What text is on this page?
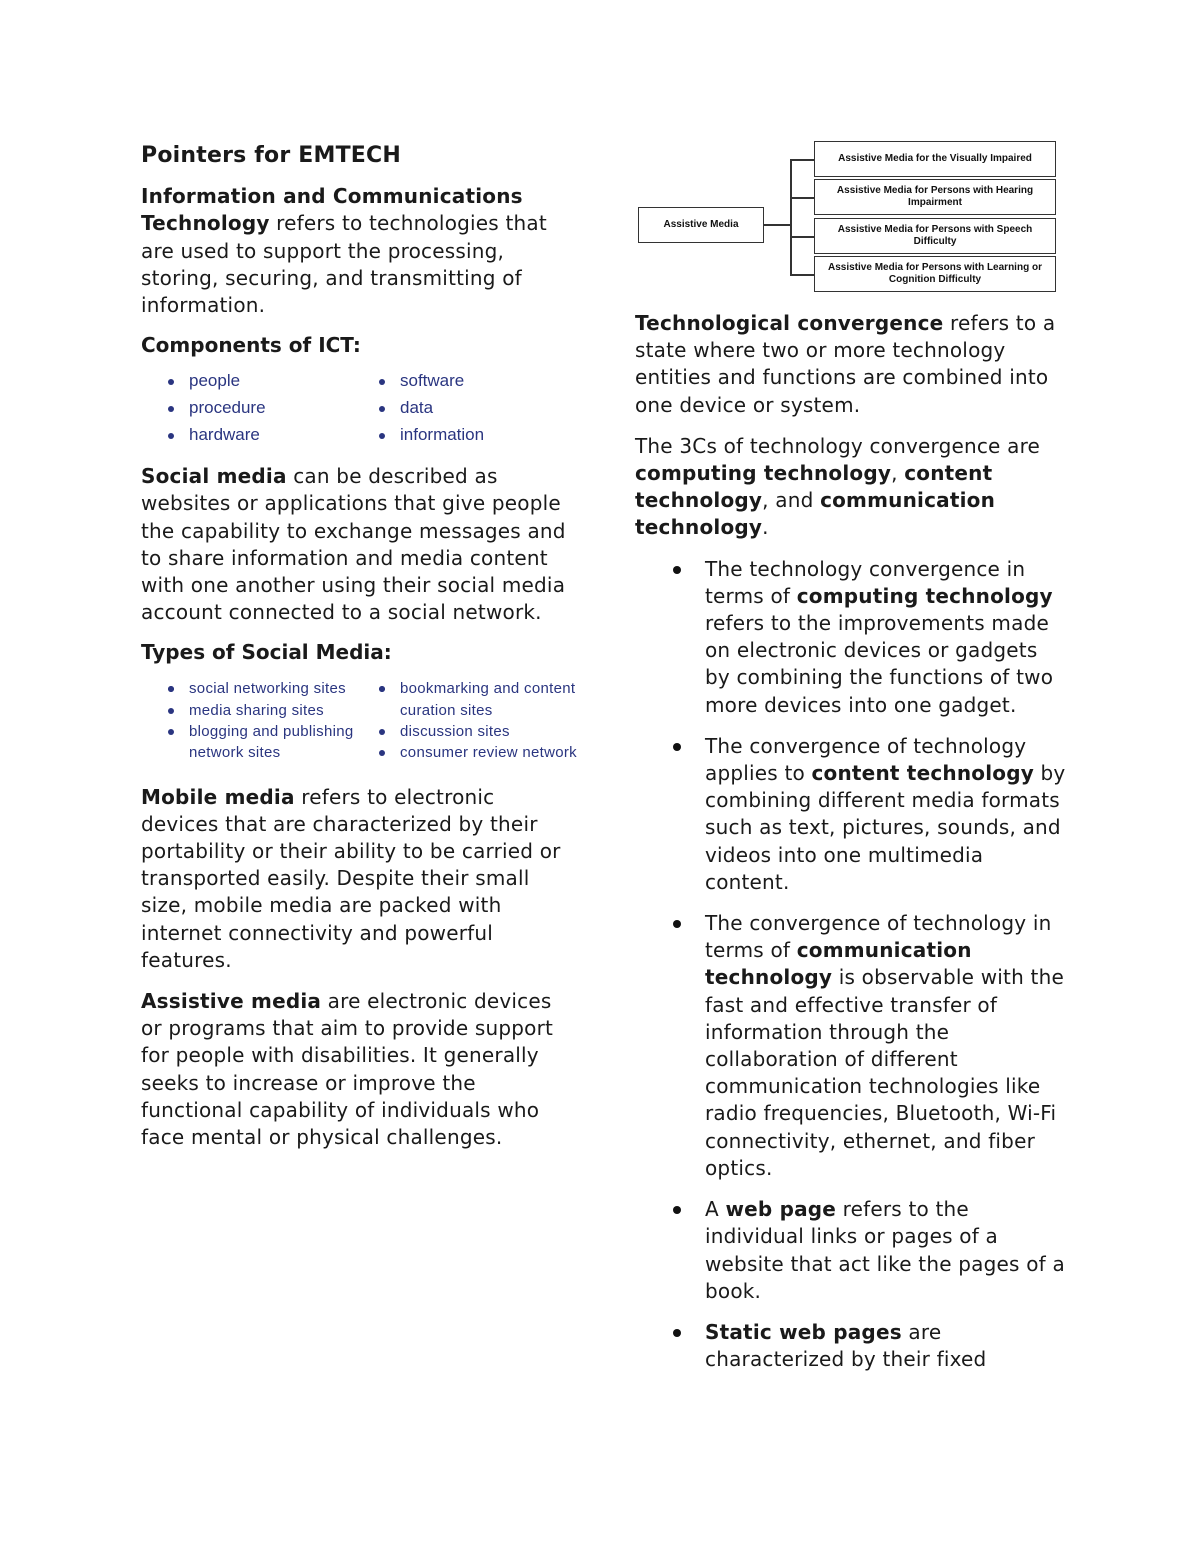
Pointers for EMTECH

Information and Communications
Technology refers to technologies that are used to support the processing, storing, securing, and transmitting of information.

Components of ICT:
people	software
procedure	data
hardware	information

Social media can be described as websites or applications that give people the capability to exchange messages and to share information and media content with one another using their social media account connected to a social network.

Types of Social Media:
social networking sites
media sharing sites
blogging and publishing network sites
bookmarking and content curation sites
discussion sites
consumer review network

Mobile media refers to electronic devices that are characterized by their portability or their ability to be carried or transported easily. Despite their small size, mobile media are packed with internet connectivity and powerful features.

Assistive media are electronic devices or programs that aim to provide support for people with disabilities. It generally seeks to increase or improve the functional capability of individuals who face mental or physical challenges.

Assistive Media
Assistive Media for the Visually Impaired
Assistive Media for Persons with Hearing Impairment
Assistive Media for Persons with Speech Difficulty
Assistive Media for Persons with Learning or Cognition Difficulty

Technological convergence refers to a state where two or more technology entities and functions are combined into one device or system.

The 3Cs of technology convergence are computing technology, content technology, and communication technology.

The technology convergence in terms of computing technology refers to the improvements made on electronic devices or gadgets by combining the functions of two more devices into one gadget.
The convergence of technology applies to content technology by combining different media formats such as text, pictures, sounds, and videos into one multimedia content.
The convergence of technology in terms of communication technology is observable with the fast and effective transfer of information through the collaboration of different communication technologies like radio frequencies, Bluetooth, Wi-Fi connectivity, ethernet, and fiber optics.
A web page refers to the individual links or pages of a website that act like the pages of a book.
Static web pages are characterized by their fixed
